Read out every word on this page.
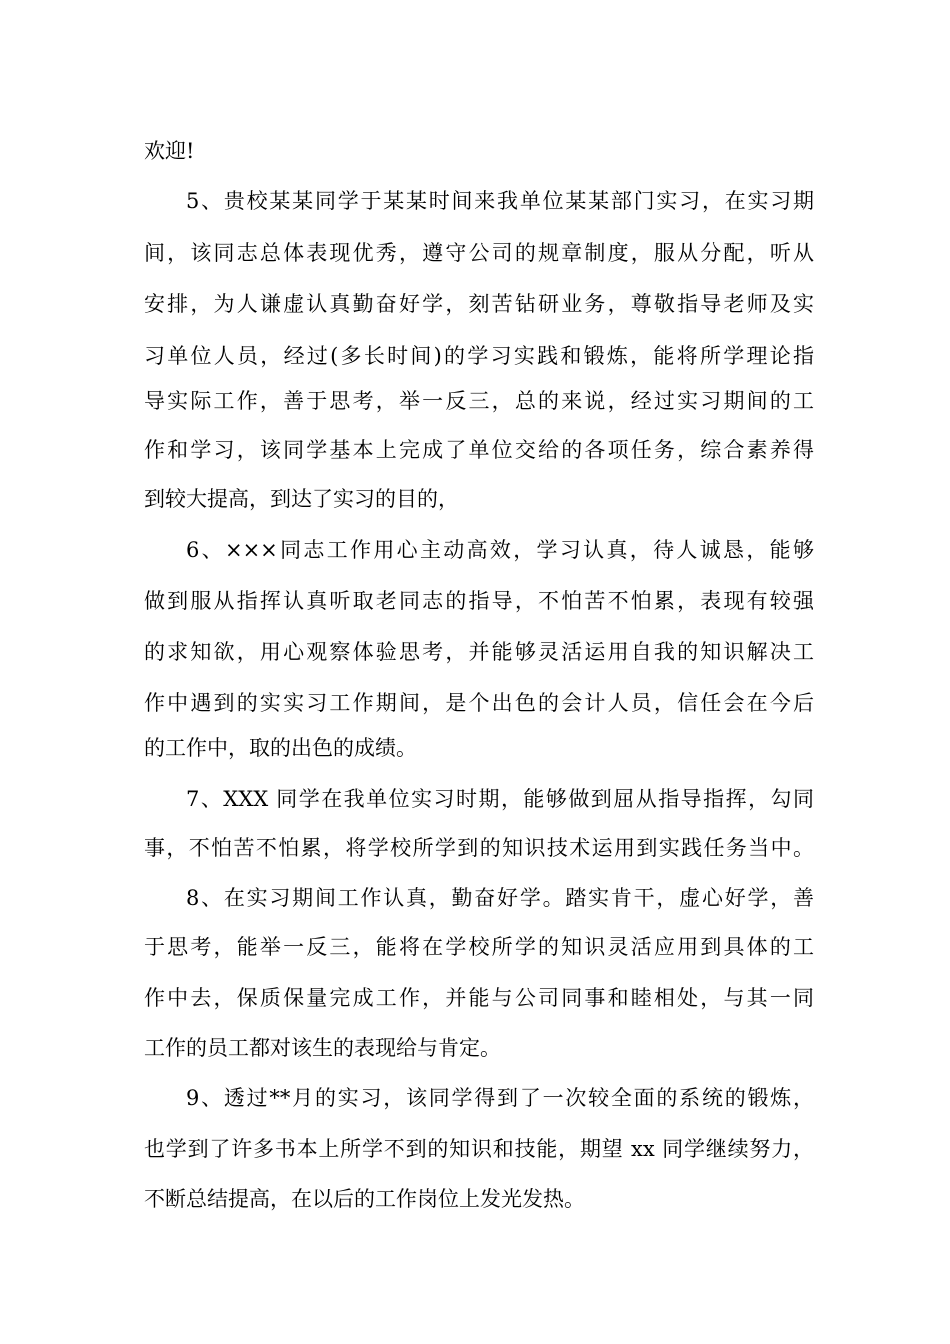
欢迎!
5、贵校某某同学于某某时间来我单位某某部门实习，在实习期
间，该同志总体表现优秀，遵守公司的规章制度，服从分配，听从
安排，为人谦虚认真勤奋好学，刻苦钻研业务，尊敬指导老师及实
习单位人员，经过(多长时间)的学习实践和锻炼，能将所学理论指
导实际工作，善于思考，举一反三，总的来说，经过实习期间的工
作和学习，该同学基本上完成了单位交给的各项任务，综合素养得
到较大提高，到达了实习的目的，
6、×××同志工作用心主动高效，学习认真，待人诚恳，能够
做到服从指挥认真听取老同志的指导，不怕苦不怕累，表现有较强
的求知欲，用心观察体验思考，并能够灵活运用自我的知识解决工
作中遇到的实实习工作期间，是个出色的会计人员，信任会在今后
的工作中，取的出色的成绩。
7、XXX 同学在我单位实习时期，能够做到屈从指导指挥，勾同
事，不怕苦不怕累，将学校所学到的知识技术运用到实践任务当中。
8、在实习期间工作认真，勤奋好学。踏实肯干，虚心好学，善
于思考，能举一反三，能将在学校所学的知识灵活应用到具体的工
作中去，保质保量完成工作，并能与公司同事和睦相处，与其一同
工作的员工都对该生的表现给与肯定。
9、透过**月的实习，该同学得到了一次较全面的系统的锻炼，
也学到了许多书本上所学不到的知识和技能，期望 xx 同学继续努力，
不断总结提高，在以后的工作岗位上发光发热。
